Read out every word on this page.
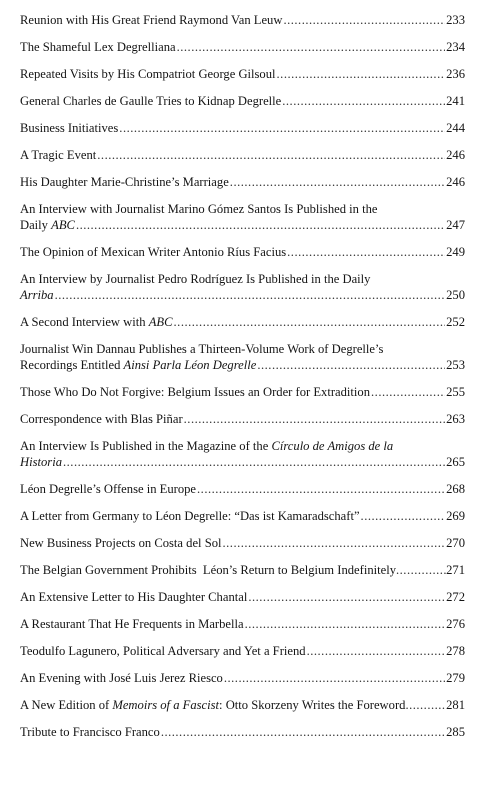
Reunion with His Great Friend Raymond Van Leuw .....	233
The Shameful Lex Degrelliana .....	234
Repeated Visits by His Compatriot George Gilsoul .....	236
General Charles de Gaulle Tries to Kidnap Degrelle .....	241
Business Initiatives .....	244
A Tragic Event .....	246
His Daughter Marie-Christine’s Marriage .....	246
An Interview with Journalist Marino Gómez Santos Is Published in the
Daily ABC .....	247
The Opinion of Mexican Writer Antonio Ríus Facius .....	249
An Interview by Journalist Pedro Rodríguez Is Published in the Daily
Arriba .....	250
A Second Interview with ABC .....	252
Journalist Win Dannau Publishes a Thirteen-Volume Work of Degrelle’s
Recordings Entitled Ainsi Parla Léon Degrelle .....	253
Those Who Do Not Forgive: Belgium Issues an Order for Extradition .....	255
Correspondence with Blas Piñar .....	263
An Interview Is Published in the Magazine of the Círculo de Amigos de la
Historia .....	265
Léon Degrelle’s Offense in Europe .....	268
A Letter from Germany to Léon Degrelle: “Das ist Kamaradschaft” .....	269
New Business Projects on Costa del Sol .....	270
The Belgian Government Prohibits  Léon’s Return to Belgium Indefinitely .....	271
An Extensive Letter to His Daughter Chantal .....	272
A Restaurant That He Frequents in Marbella .....	276
Teodulfo Lagunero, Political Adversary and Yet a Friend .....	278
An Evening with José Luis Jerez Riesco .....	279
A New Edition of Memoirs of a Fascist: Otto Skorzeny Writes the Foreword .....	281
Tribute to Francisco Franco .....	285
